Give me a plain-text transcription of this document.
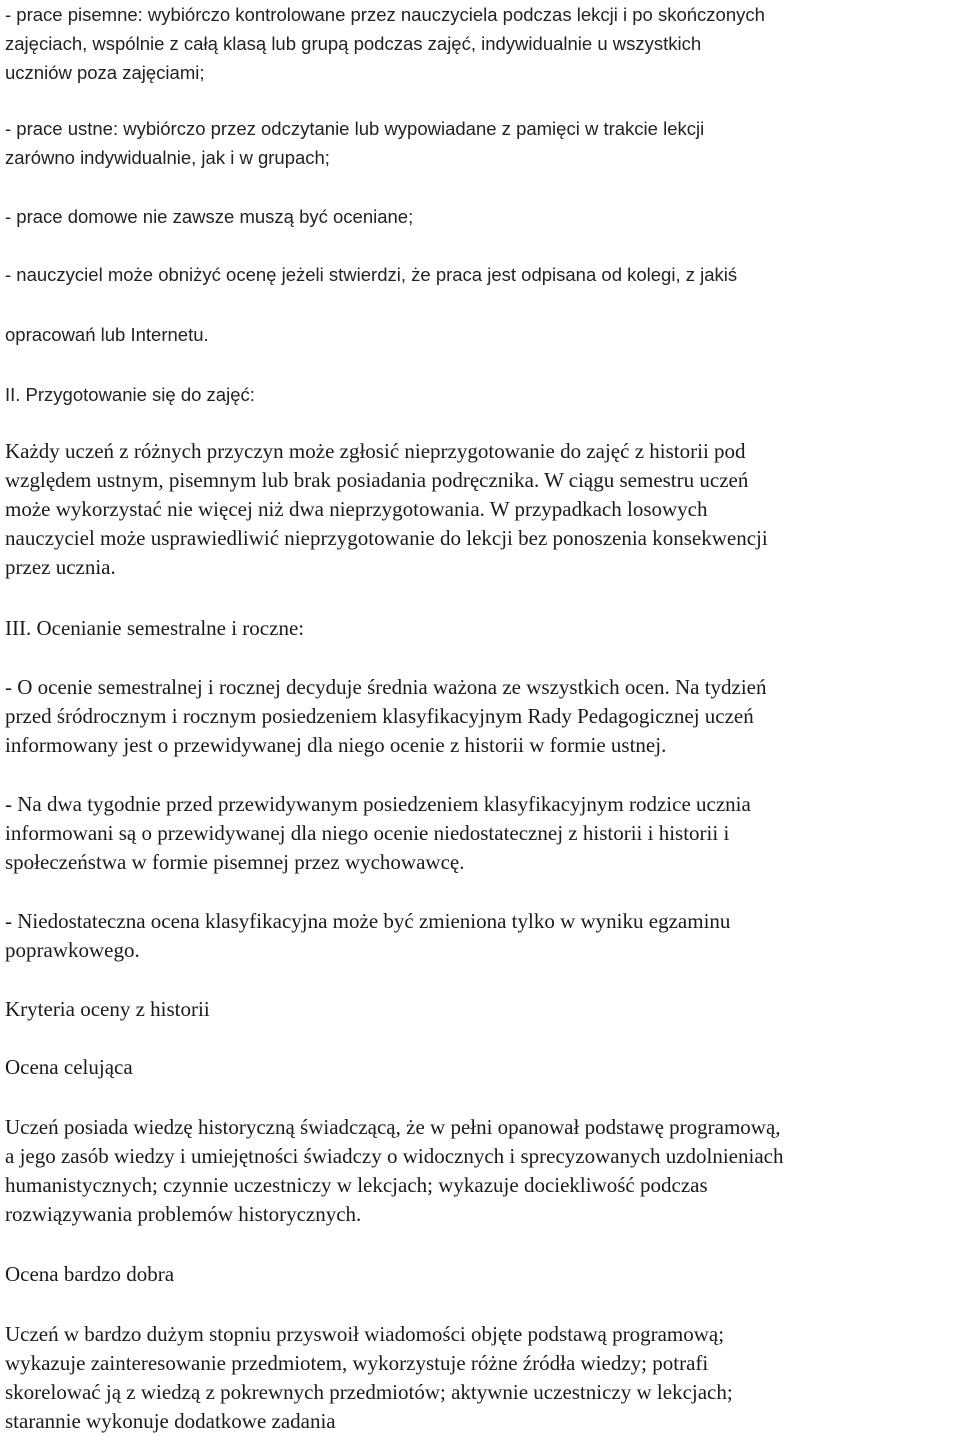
- prace pisemne: wybiórczo kontrolowane przez nauczyciela podczas lekcji i po skończonych
zajęciach, wspólnie z całą klasą lub grupą podczas zajęć, indywidualnie u wszystkich
uczniów poza zajęciami;
- prace ustne: wybiórczo przez odczytanie lub wypowiadane z pamięci w trakcie lekcji
zarówno indywidualnie, jak i w grupach;
- prace domowe nie zawsze muszą być oceniane;
- nauczyciel może obniżyć ocenę jeżeli stwierdzi, że praca jest odpisana od kolegi, z jakiś
opracowań lub Internetu.
II. Przygotowanie się do zajęć:
Każdy uczeń z różnych przyczyn może zgłosić nieprzygotowanie do zajęć z historii pod
względem ustnym, pisemnym lub brak posiadania podręcznika. W ciągu semestru uczeń
może wykorzystać nie więcej niż dwa nieprzygotowania. W przypadkach losowych
nauczyciel może usprawiedliwić nieprzygotowanie do lekcji bez ponoszenia konsekwencji
przez ucznia.
III. Ocenianie semestralne i roczne:
- O ocenie semestralnej i rocznej decyduje średnia ważona ze wszystkich ocen. Na tydzień
przed śródrocznym i rocznym posiedzeniem klasyfikacyjnym Rady Pedagogicznej uczeń
informowany jest o przewidywanej dla niego ocenie z historii w formie ustnej.
- Na dwa tygodnie przed przewidywanym posiedzeniem klasyfikacyjnym rodzice ucznia
informowani są o przewidywanej dla niego ocenie niedostatecznej z historii i historii i
społeczeństwa w formie pisemnej przez wychowawcę.
- Niedostateczna ocena klasyfikacyjna może być zmieniona tylko w wyniku egzaminu
poprawkowego.
Kryteria oceny z historii
Ocena celująca
Uczeń posiada wiedzę historyczną świadczącą, że w pełni opanował podstawę programową,
a jego zasób wiedzy i umiejętności świadczy o widocznych i sprecyzowanych uzdolnieniach
humanistycznych; czynnie uczestniczy w lekcjach; wykazuje dociekliwość podczas
rozwiązywania problemów historycznych.
Ocena bardzo dobra
Uczeń w bardzo dużym stopniu przyswoił wiadomości objęte podstawą programową;
wykazuje zainteresowanie przedmiotem, wykorzystuje różne źródła wiedzy; potrafi
skorelować ją z wiedzą z pokrewnych przedmiotów; aktywnie uczestniczy w lekcjach;
starannie wykonuje dodatkowe zadania
